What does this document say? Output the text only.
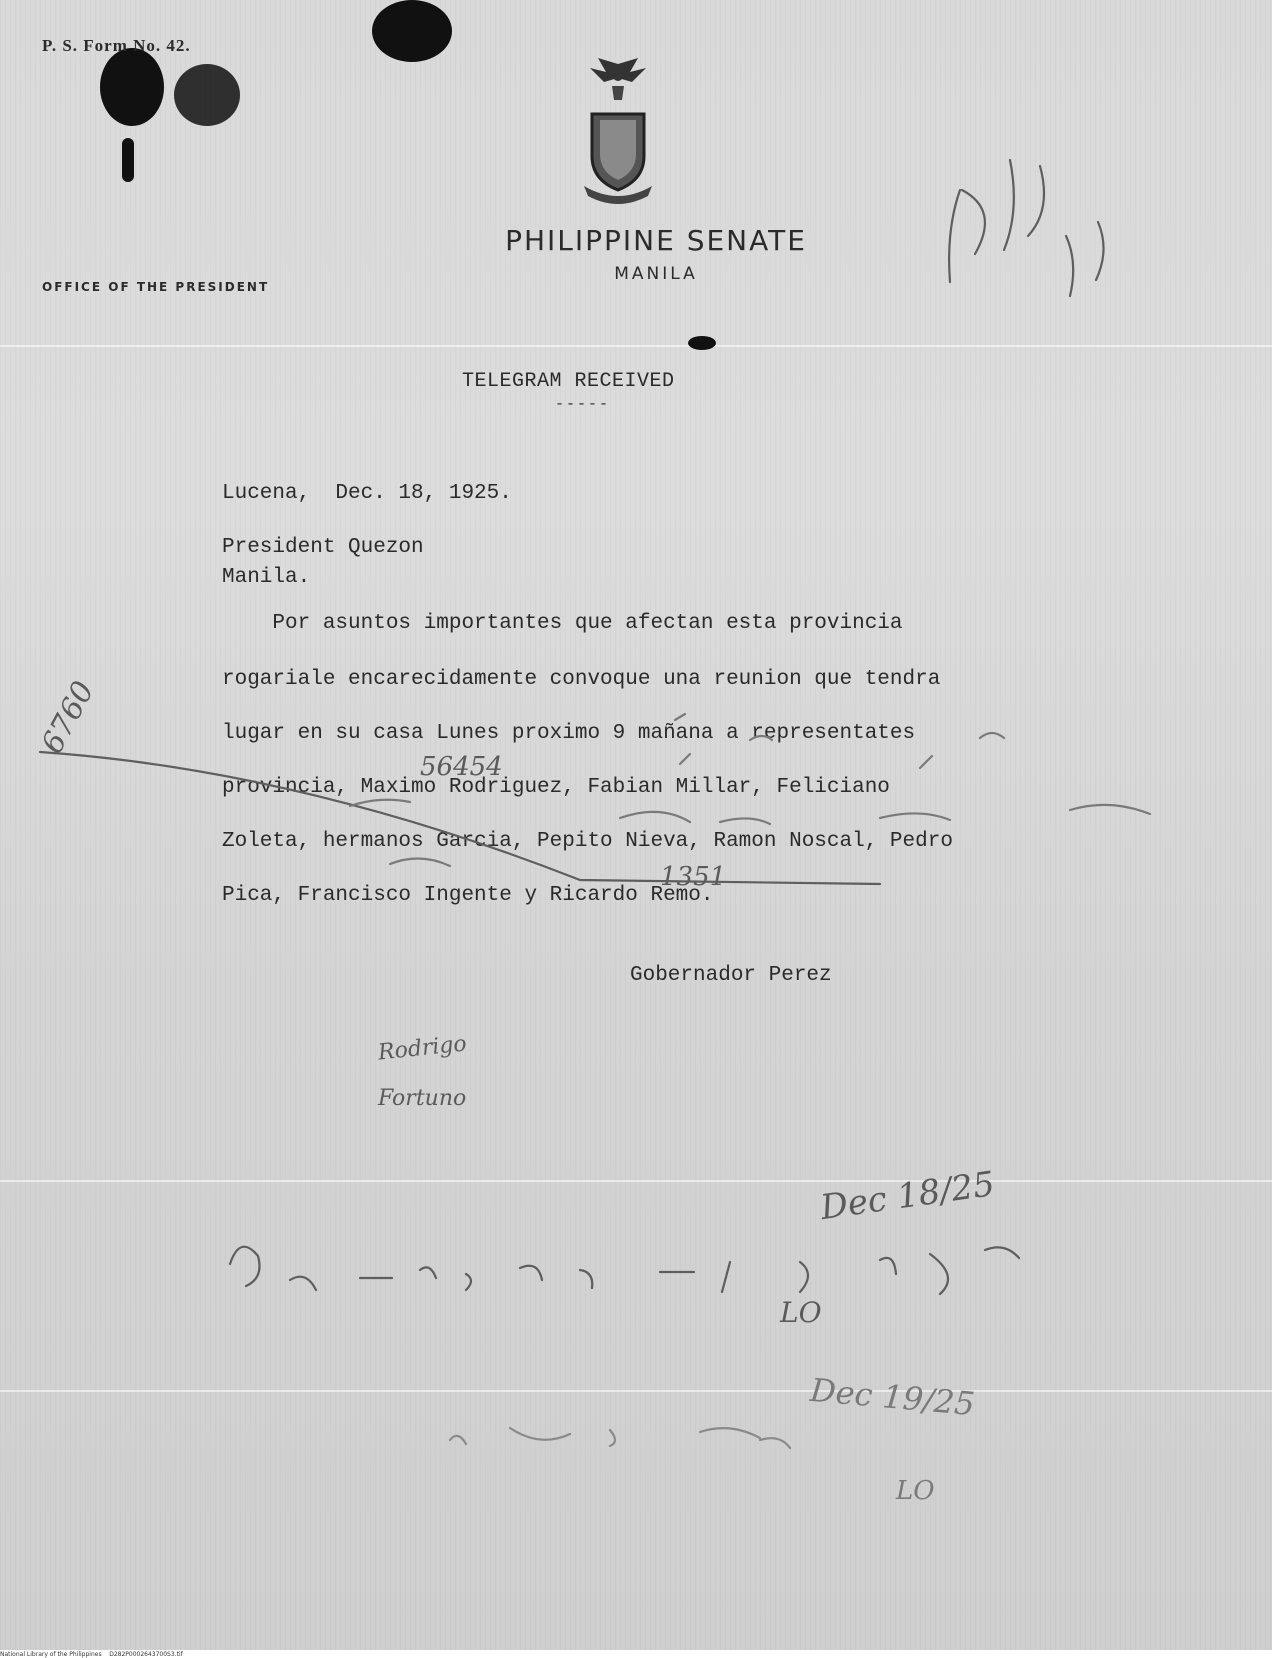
P. S. Form No. 42.
PHILIPPINE SENATE
MANILA
OFFICE OF THE PRESIDENT
TELEGRAM RECEIVED
-----
Lucena,  Dec. 18, 1925.
President Quezon
Manila.
Por asuntos importantes que afectan esta provincia
rogariale encarecidamente convoque una reunion que tendra
lugar en su casa Lunes proximo 9 mañana a representates
provincia, Maximo Rodriguez, Fabian Millar, Feliciano
Zoleta, hermanos Garcia, Pepito Nieva, Ramon Noscal, Pedro
Pica, Francisco Ingente y Ricardo Remo.
Gobernador Perez
6760
56454
1351
Rodrigo
Fortuno
Dec 18/25
LO
Dec 19/25
LO
National Library of the Philippines    D282P0002643700S3.tif
